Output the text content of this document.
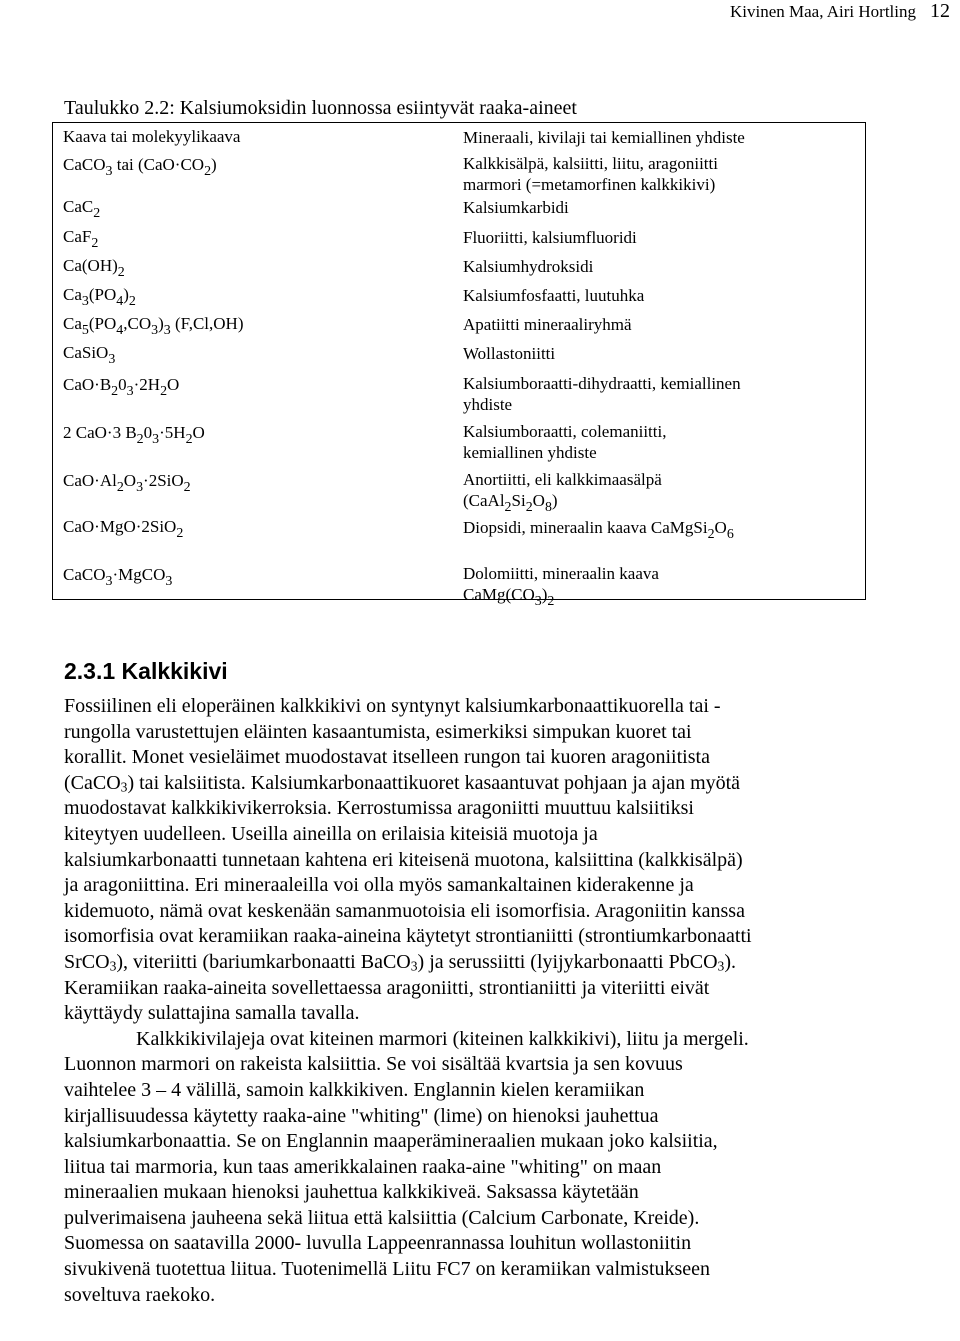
Kivinen Maa, Airi Hortling 12
Taulukko 2.2: Kalsiumoksidin luonnossa esiintyvät raaka-aineet
Kaava tai molekyylikaava	Mineraali, kivilaji tai kemiallinen yhdiste
CaCO$_3$ tai $(CaO\cdot CO_2)$	Kalkkisälpä, kalsiitti, liitu, aragoniitti
marmori (=metamorfinen kalkkikivi)
CaC$_2$	Kalsiumkarbidi
CaF$_2$	Fluoriitti, kalsiumfluoridi
$Ca(OH)_2$	Kalsiumhydroksidi
$Ca_3(PO_4)_2$	Kalsiumfosfaatti, luutuhka
$Ca_5(PO_4,CO_3)_3$ (F,Cl,OH)	Apatiitti mineraaliryhmä
CaSiO$_3$	Wollastoniitti
$CaO\cdot B_20_3\cdot 2H_2O$	Kalsiumboraatti-dihydraatti, kemiallinen
yhdiste
2 CaO·3 $B_20_3\cdot 5H_2O$	Kalsiumboraatti, colemaniitti,
kemiallinen yhdiste
$CaO\cdot Al_2O_3\cdot 2SiO_2$	Anortiitti, eli kalkkimaasälpä
$(CaAl_2Si_2O_8)$
CaO·MgO·2SiO$_2$	Diopsidi, mineraalin kaava $CaMgSi_2O_6$
CaCO$_3$·MgCO$_3$	Dolomiitti, mineraalin kaava
$CaMg(CO_3)_2$
2.3.1 Kalkkikivi
Fossiilinen eli eloperäinen kalkkikivi on syntynyt kalsiumkarbonaattikuorella tai -
rungolla varustettujen eläinten kasaantumista, esimerkiksi simpukan kuoret tai
korallit. Monet vesieläimet muodostavat itselleen rungon tai kuoren aragoniitista
(CaCO$_3$) tai kalsiitista. Kalsiumkarbonaattikuoret kasaantuvat pohjaan ja ajan myötä
muodostavat kalkkikivikerroksia. Kerrostumissa aragoniitti muuttuu kalsiitiksi
kiteytyen uudelleen. Useilla aineilla on erilaisia kiteisiä muotoja ja
kalsiumkarbonaatti tunnetaan kahtena eri kiteisenä muotona, kalsiittina (kalkkisälpä)
ja aragoniittina. Eri mineraaleilla voi olla myös samankaltainen kiderakenne ja
kidemuoto, nämä ovat keskenään samanmuotoisia eli isomorfisia. Aragoniitin kanssa
isomorfisia ovat keramiikan raaka-aineina käytetyt strontianiitti (strontiumkarbonaatti
SrCO$_3$), viteriitti (bariumkarbonaatti BaCO$_3$) ja serussiitti (lyijykarbonaatti PbCO$_3$).
Keramiikan raaka-aineita sovellettaessa aragoniitti, strontianiitti ja viteriitti eivät
käyttäydy sulattajina samalla tavalla.
Kalkkikivilajeja ovat kiteinen marmori (kiteinen kalkkikivi), liitu ja mergeli.
Luonnon marmori on rakeista kalsiittia. Se voi sisältää kvartsia ja sen kovuus
vaihtelee 3 – 4 välillä, samoin kalkkikiven. Englannin kielen keramiikan
kirjallisuudessa käytetty raaka-aine "whiting" (lime) on hienoksi jauhettua
kalsiumkarbonaattia. Se on Englannin maaperämineraalien mukaan joko kalsiitia,
liitua tai marmoria, kun taas amerikkalainen raaka-aine "whiting" on maan
mineraalien mukaan hienoksi jauhettua kalkkikiveä. Saksassa käytetään
pulverimaisena jauheena sekä liitua että kalsiittia (Calcium Carbonate, Kreide).
Suomessa on saatavilla 2000- luvulla Lappeenrannassa louhitun wollastoniitin
sivukivenä tuotettua liitua. Tuotenimellä Liitu FC7 on keramiikan valmistukseen
soveltuva raekoko.
